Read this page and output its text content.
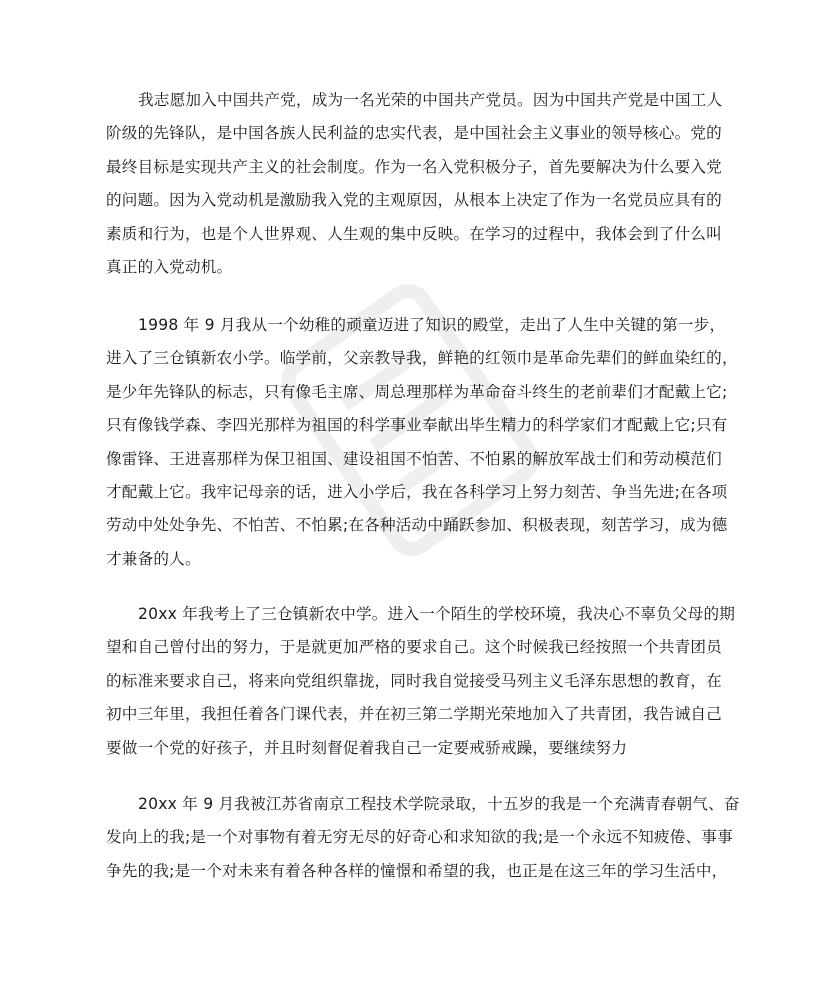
我志愿加入中国共产党，成为一名光荣的中国共产党员。因为中国共产党是中国工人
阶级的先锋队，是中国各族人民利益的忠实代表，是中国社会主义事业的领导核心。党的
最终目标是实现共产主义的社会制度。作为一名入党积极分子，首先要解决为什么要入党
的问题。因为入党动机是激励我入党的主观原因，从根本上决定了作为一名党员应具有的
素质和行为，也是个人世界观、人生观的集中反映。在学习的过程中，我体会到了什么叫
真正的入党动机。

1998 年 9 月我从一个幼稚的顽童迈进了知识的殿堂，走出了人生中关键的第一步，
进入了三仓镇新农小学。临学前，父亲教导我，鲜艳的红领巾是革命先辈们的鲜血染红的，
是少年先锋队的标志，只有像毛主席、周总理那样为革命奋斗终生的老前辈们才配戴上它;
只有像钱学森、李四光那样为祖国的科学事业奉献出毕生精力的科学家们才配戴上它;只有
像雷锋、王进喜那样为保卫祖国、建设祖国不怕苦、不怕累的解放军战士们和劳动模范们
才配戴上它。我牢记母亲的话，进入小学后，我在各科学习上努力刻苦、争当先进;在各项
劳动中处处争先、不怕苦、不怕累;在各种活动中踊跃参加、积极表现，刻苦学习，成为德
才兼备的人。

20xx 年我考上了三仓镇新农中学。进入一个陌生的学校环境，我决心不辜负父母的期
望和自己曾付出的努力，于是就更加严格的要求自己。这个时候我已经按照一个共青团员
的标准来要求自己，将来向党组织靠拢，同时我自觉接受马列主义毛泽东思想的教育，在
初中三年里，我担任着各门课代表，并在初三第二学期光荣地加入了共青团，我告诫自己
要做一个党的好孩子，并且时刻督促着我自己一定要戒骄戒躁，要继续努力

20xx 年 9 月我被江苏省南京工程技术学院录取，十五岁的我是一个充满青春朝气、奋
发向上的我;是一个对事物有着无穷无尽的好奇心和求知欲的我;是一个永远不知疲倦、事事
争先的我;是一个对未来有着各种各样的憧憬和希望的我，也正是在这三年的学习生活中，
